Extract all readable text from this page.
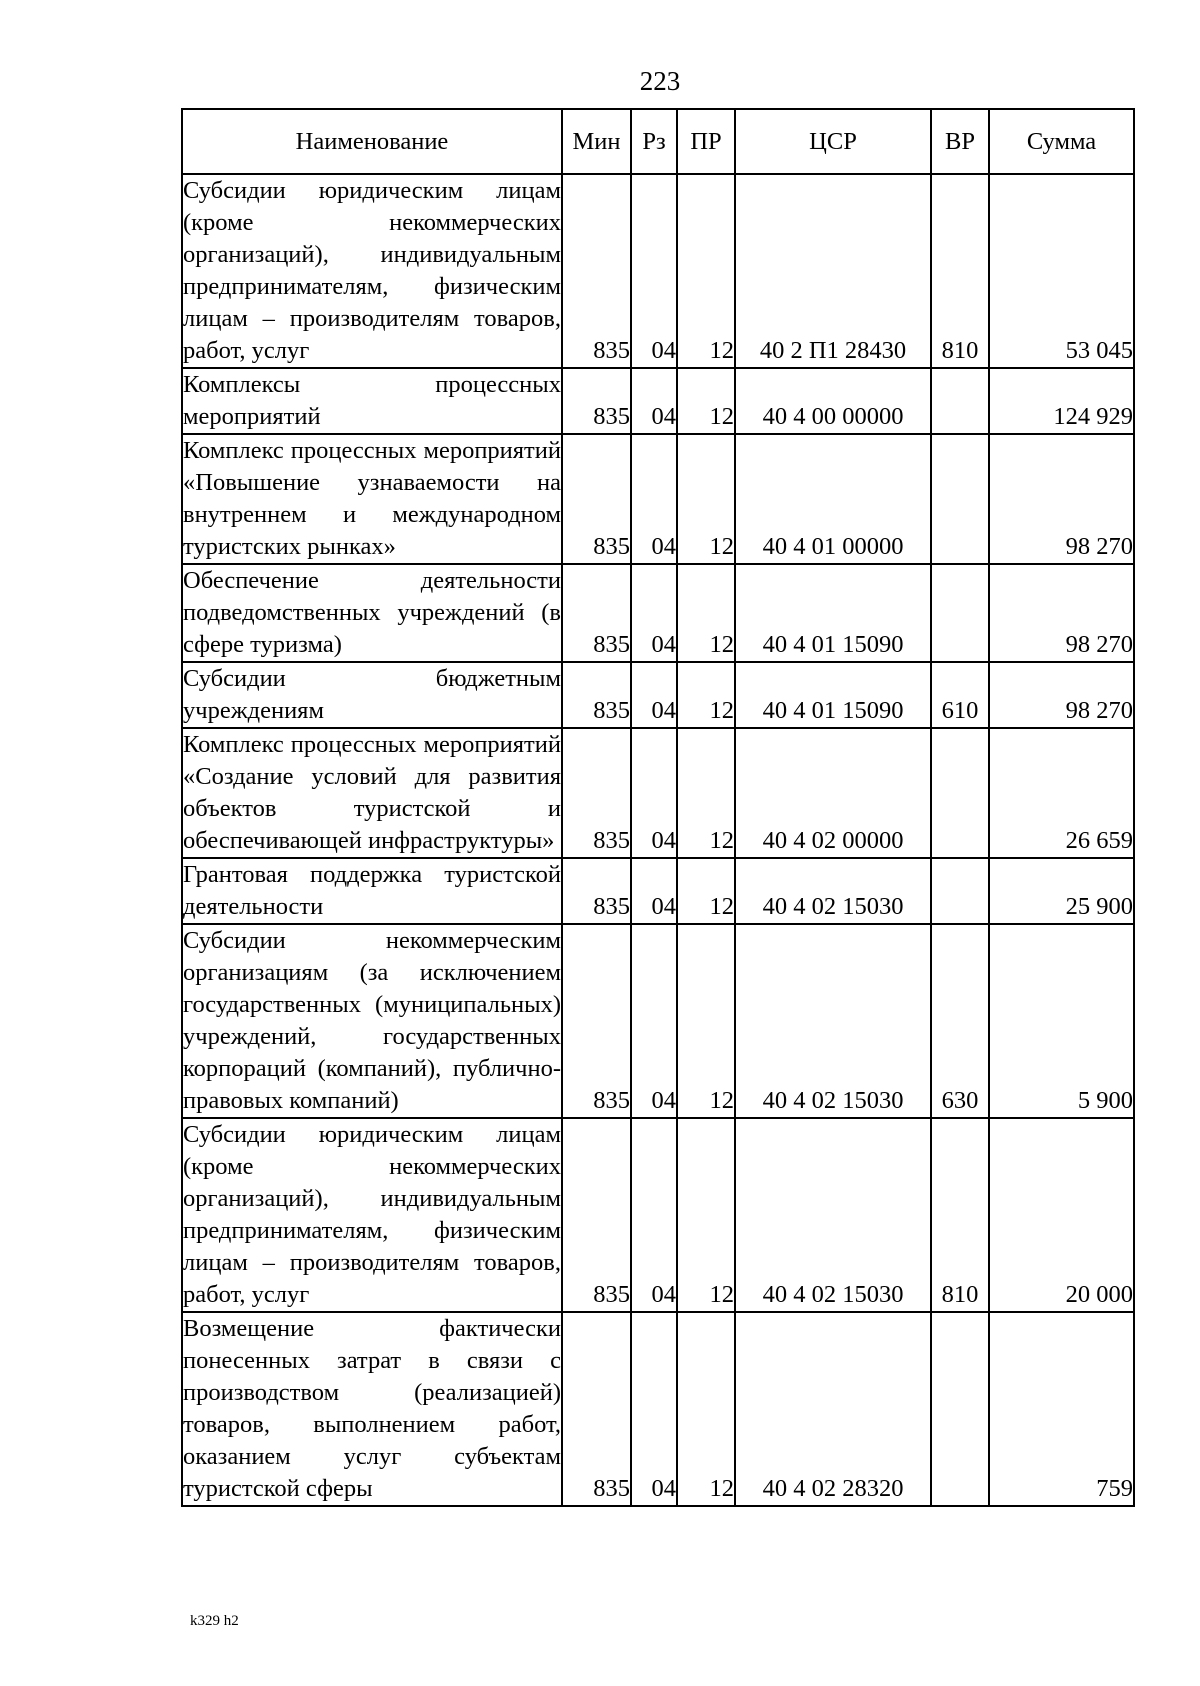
223
Наименование	Мин	Рз	ПР	ЦСР	ВР	Сумма
Субсидии юридическим лицам (кроме некоммерческих организаций), индивидуальным предпринимателям, физическим лицам – производителям товаров, работ, услуг	835	04	12	40 2 П1 28430	810	53 045
Комплексы процессных мероприятий	835	04	12	40 4 00 00000		124 929
Комплекс процессных мероприятий «Повышение узнаваемости на внутреннем и международном туристских рынках»	835	04	12	40 4 01 00000		98 270
Обеспечение деятельности подведомственных учреждений (в сфере туризма)	835	04	12	40 4 01 15090		98 270
Субсидии бюджетным учреждениям	835	04	12	40 4 01 15090	610	98 270
Комплекс процессных мероприятий «Создание условий для развития объектов туристской и обеспечивающей инфраструктуры»	835	04	12	40 4 02 00000		26 659
Грантовая поддержка туристской деятельности	835	04	12	40 4 02 15030		25 900
Субсидии некоммерческим организациям (за исключением государственных (муниципальных) учреждений, государственных корпораций (компаний), публично-правовых компаний)	835	04	12	40 4 02 15030	630	5 900
Субсидии юридическим лицам (кроме некоммерческих организаций), индивидуальным предпринимателям, физическим лицам – производителям товаров, работ, услуг	835	04	12	40 4 02 15030	810	20 000
Возмещение фактически понесенных затрат в связи с производством (реализацией) товаров, выполнением работ, оказанием услуг субъектам туристской сферы	835	04	12	40 4 02 28320		759
k329 h2
